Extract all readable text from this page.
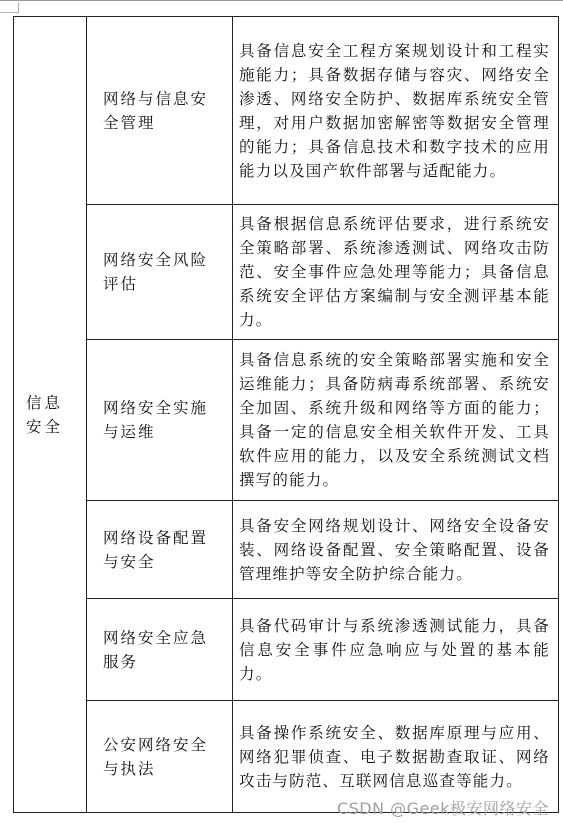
信息安全	网络与信息安全管理	具备信息安全工程方案规划设计和工程实施能力；具备数据存储与容灾、网络安全渗透、网络安全防护、数据库系统安全管理，对用户数据加密解密等数据安全管理的能力；具备信息技术和数字技术的应用能力以及国产软件部署与适配能力。

	网络安全风险评估	具备根据信息系统评估要求，进行系统安全策略部署、系统渗透测试、网络攻击防范、安全事件应急处理等能力；具备信息系统安全评估方案编制与安全测评基本能力。

	网络安全实施与运维	具备信息系统的安全策略部署实施和安全运维能力；具备防病毒系统部署、系统安全加固、系统升级和网络等方面的能力；具备一定的信息安全相关软件开发、工具软件应用的能力，以及安全系统测试文档撰写的能力。

	网络设备配置与安全	具备安全网络规划设计、网络安全设备安装、网络设备配置、安全策略配置、设备管理维护等安全防护综合能力。

	网络安全应急服务	具备代码审计与系统渗透测试能力，具备信息安全事件应急响应与处置的基本能力。

	公安网络安全与执法	具备操作系统安全、数据库原理与应用、网络犯罪侦查、电子数据勘查取证、网络攻击与防范、互联网信息巡查等能力。
CSDN @Geek极安网络安全
